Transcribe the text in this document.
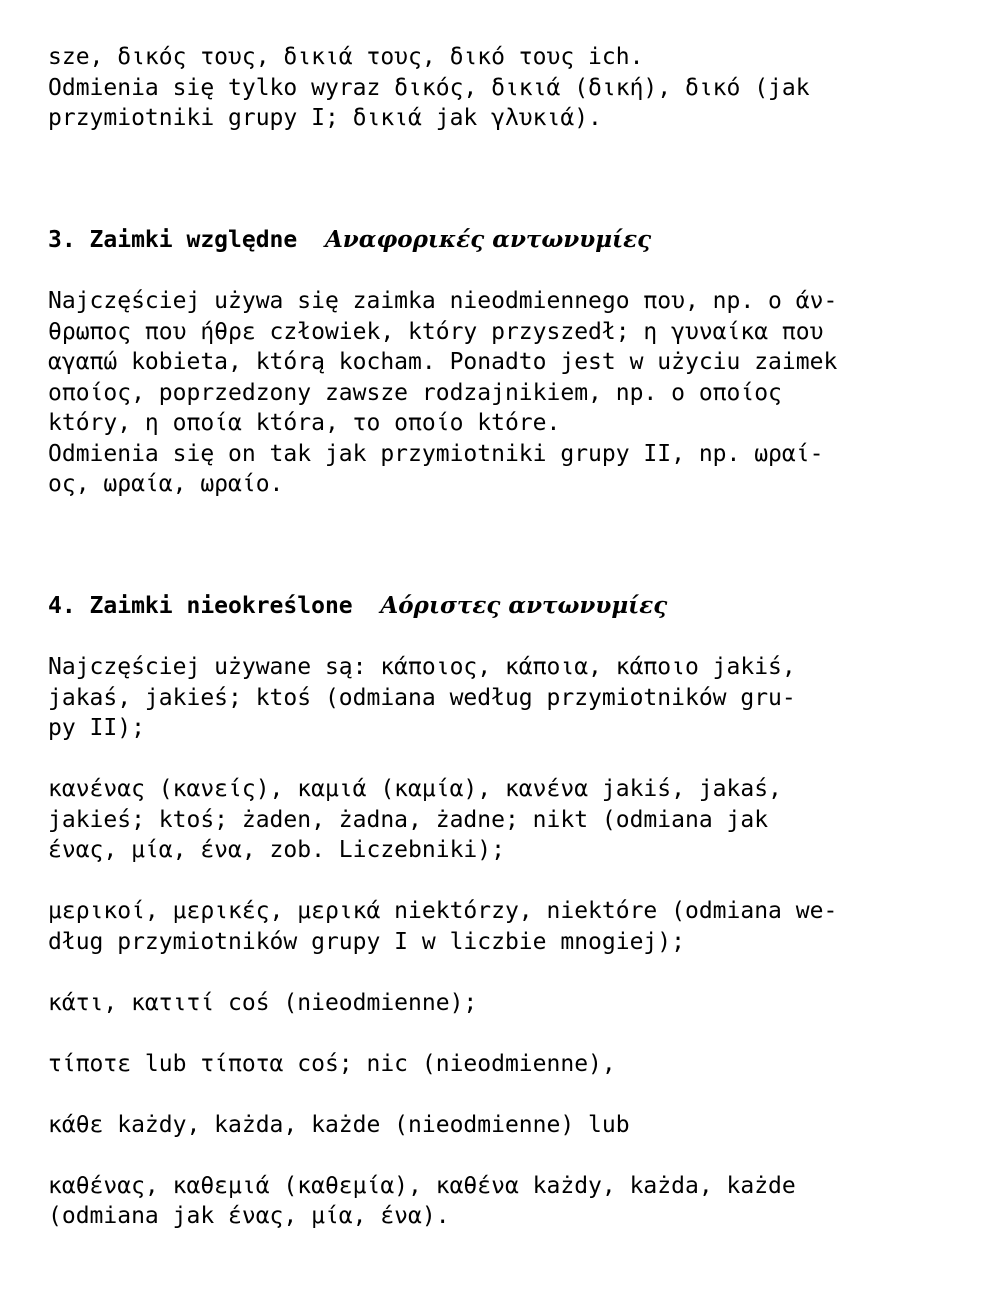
sze, δικός τους, δικιά τους, δικό τους ich.
Odmienia się tylko wyraz δικός, δικιά (δική), δικό (jak
przymiotniki grupy I; δικιά jak γλυκιά).
3. Zaimki względne Αναφορικές αντωνυμίες
Najczęściej używa się zaimka nieodmiennego που, np. ο άν-
θρωπος που ήθρε człowiek, który przyszedł; η γυναίκα που
αγαπώ kobieta, którą kocham. Ponadto jest w użyciu zaimek
οποίος, poprzedzony zawsze rodzajnikiem, np. ο οποίος
który, η οποία która, το οποίο które.
Odmienia się on tak jak przymiotniki grupy II, np. ωραί-
ος, ωραία, ωραίο.
4. Zaimki nieokreślone Αόριστες αντωνυμίες
Najczęściej używane są: κάποιος, κάποια, κάποιο jakiś,
jakaś, jakieś; ktoś (odmiana według przymiotników gru-
py II);
κανένας (κανείς), καμιά (καμία), κανένα jakiś, jakaś,
jakieś; ktoś; żaden, żadna, żadne; nikt (odmiana jak
ένας, μία, ένα, zob. Liczebniki);
μερικοί, μερικές, μερικά niektórzy, niektóre (odmiana we-
dług przymiotników grupy I w liczbie mnogiej);
κάτι, κατιτί coś (nieodmienne);
τίποτε lub τίποτα coś; nic (nieodmienne),
κάθε każdy, każda, każde (nieodmienne) lub
καθένας, καθεμιά (καθεμία), καθένα każdy, każda, każde
(odmiana jak ένας, μία, ένα).
